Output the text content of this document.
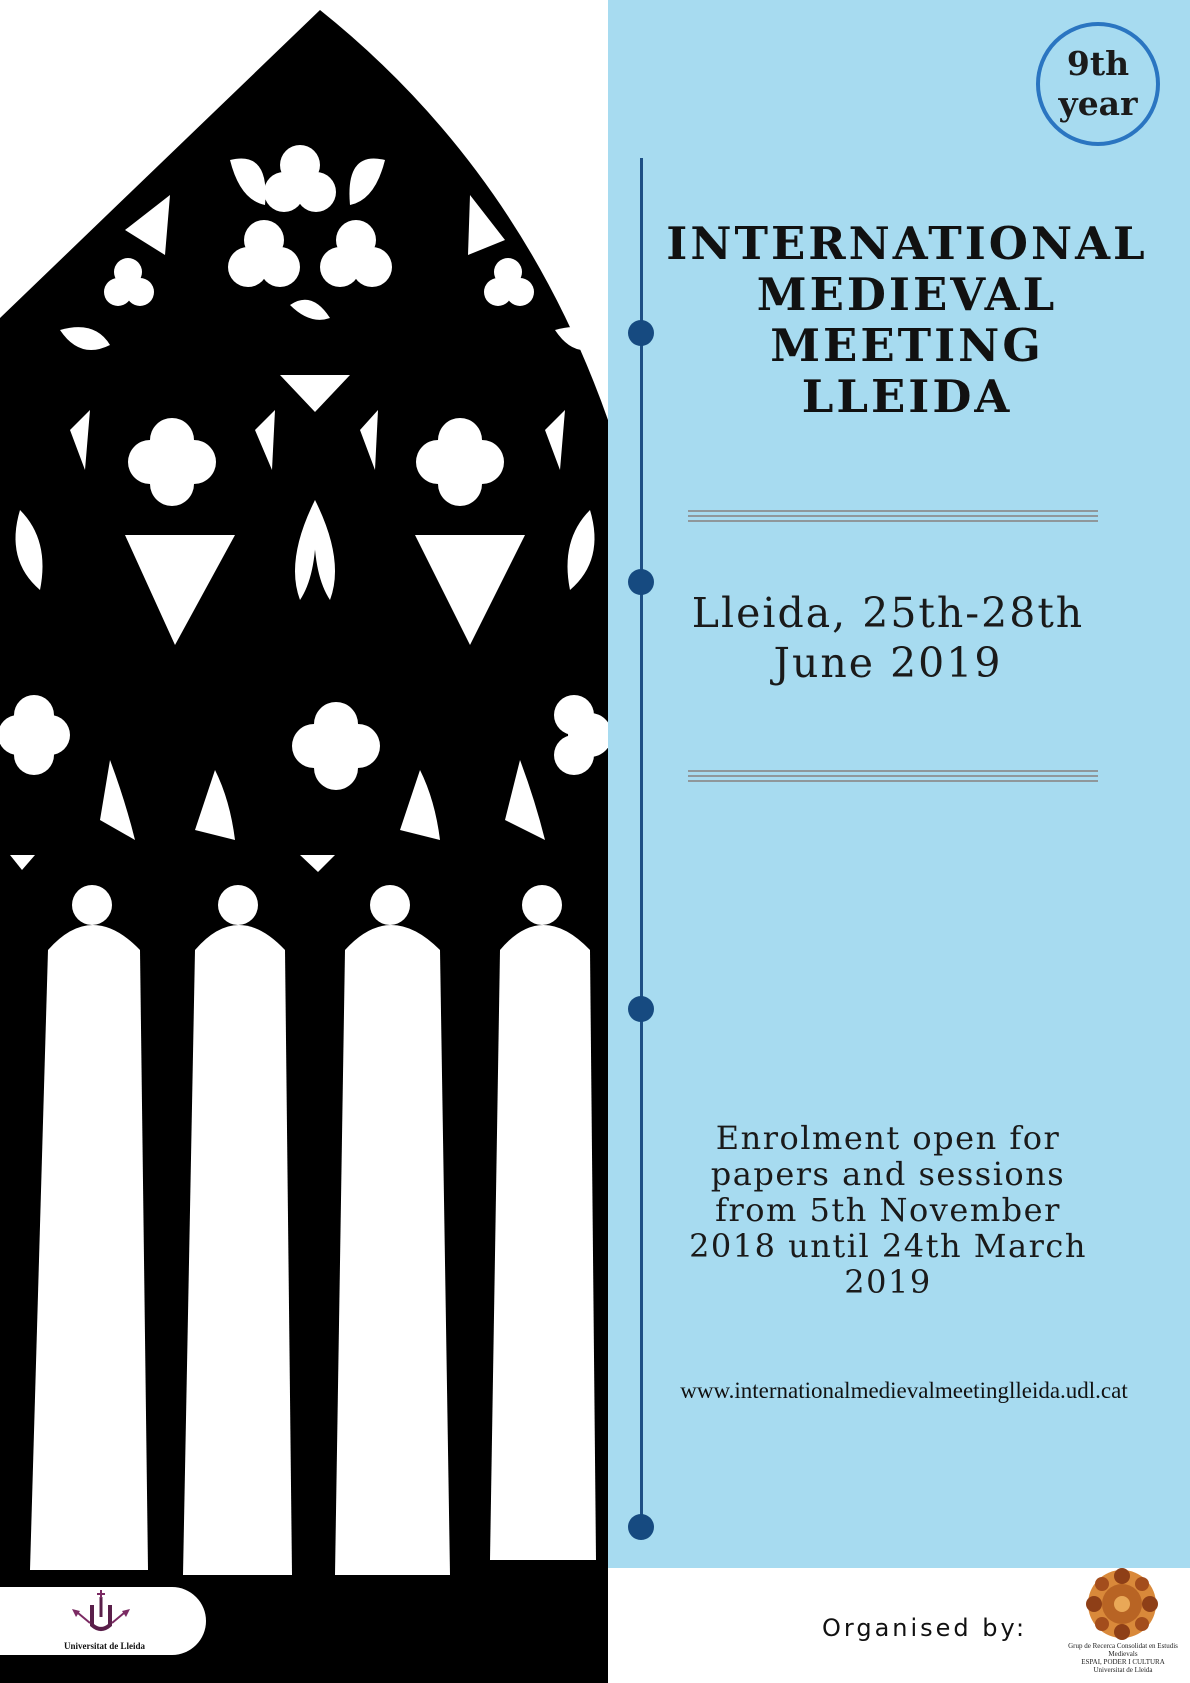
9th
year
INTERNATIONAL
MEDIEVAL
MEETING LLEIDA
Lleida, 25th-28th
June 2019
Enrolment open for
papers and sessions
from 5th November
2018 until 24th March
2019
www.internationalmedievalmeetinglleida.udl.cat
Organised by:
Universitat de Lleida	Grup de Recerca Consolidat en Estudis
Medievals
ESPAI, PODER I CULTURA
Universitat de Lleida
